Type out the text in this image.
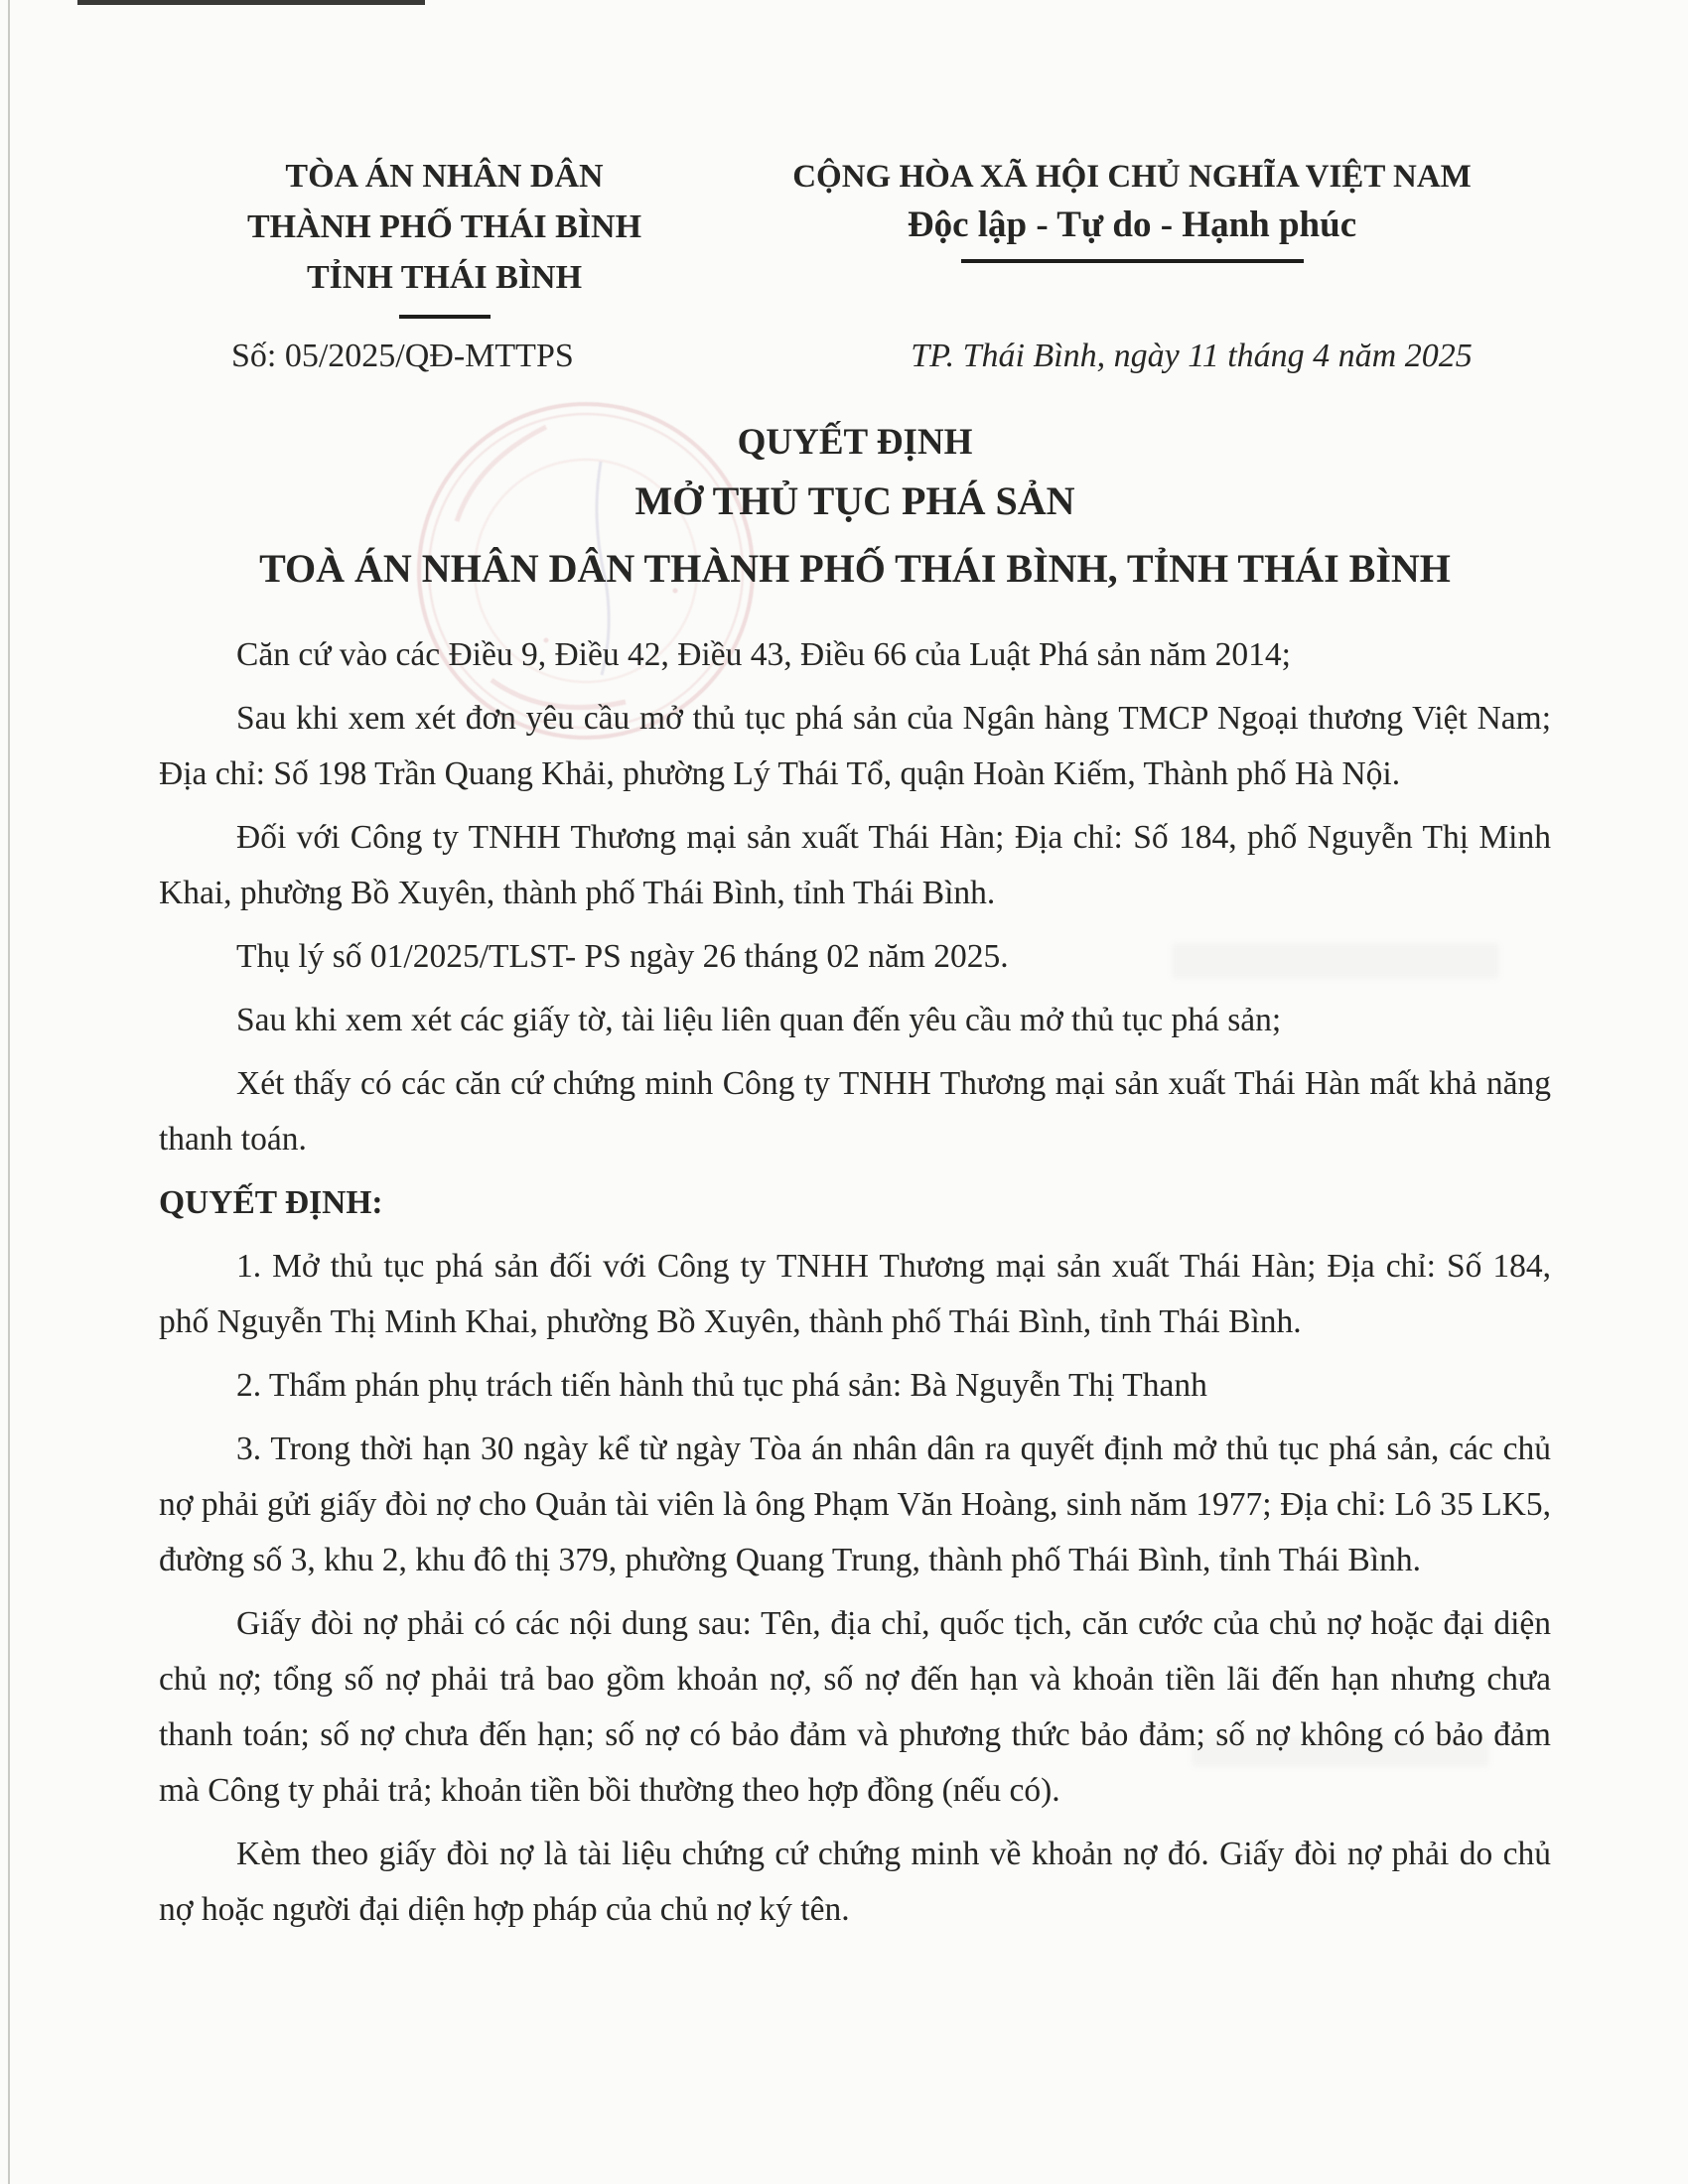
TÒA ÁN NHÂN DÂN
THÀNH PHỐ THÁI BÌNH
TỈNH THÁI BÌNH
Số: 05/2025/QĐ-MTTPS
CỘNG HÒA XÃ HỘI CHỦ NGHĨA VIỆT NAM
Độc lập - Tự do - Hạnh phúc
TP. Thái Bình, ngày 11 tháng 4 năm 2025
QUYẾT ĐỊNH
MỞ THỦ TỤC PHÁ SẢN
TOÀ ÁN NHÂN DÂN THÀNH PHỐ THÁI BÌNH, TỈNH THÁI BÌNH

Căn cứ vào các Điều 9, Điều 42, Điều 43, Điều 66 của Luật Phá sản năm 2014;

Sau khi xem xét đơn yêu cầu mở thủ tục phá sản của Ngân hàng TMCP Ngoại thương Việt Nam; Địa chỉ: Số 198 Trần Quang Khải, phường Lý Thái Tổ, quận Hoàn Kiếm, Thành phố Hà Nội.

Đối với Công ty TNHH Thương mại sản xuất Thái Hàn; Địa chỉ: Số 184, phố Nguyễn Thị Minh Khai, phường Bồ Xuyên, thành phố Thái Bình, tỉnh Thái Bình.

Thụ lý số 01/2025/TLST- PS ngày 26 tháng 02 năm 2025.

Sau khi xem xét các giấy tờ, tài liệu liên quan đến yêu cầu mở thủ tục phá sản;

Xét thấy có các căn cứ chứng minh Công ty TNHH Thương mại sản xuất Thái Hàn mất khả năng thanh toán.

QUYẾT ĐỊNH:

1. Mở thủ tục phá sản đối với Công ty TNHH Thương mại sản xuất Thái Hàn; Địa chỉ: Số 184, phố Nguyễn Thị Minh Khai, phường Bồ Xuyên, thành phố Thái Bình, tỉnh Thái Bình.

2. Thẩm phán phụ trách tiến hành thủ tục phá sản: Bà Nguyễn Thị Thanh

3. Trong thời hạn 30 ngày kể từ ngày Tòa án nhân dân ra quyết định mở thủ tục phá sản, các chủ nợ phải gửi giấy đòi nợ cho Quản tài viên là ông Phạm Văn Hoàng, sinh năm 1977; Địa chỉ: Lô 35 LK5, đường số 3, khu 2, khu đô thị 379, phường Quang Trung, thành phố Thái Bình, tỉnh Thái Bình.

Giấy đòi nợ phải có các nội dung sau: Tên, địa chỉ, quốc tịch, căn cước của chủ nợ hoặc đại diện chủ nợ; tổng số nợ phải trả bao gồm khoản nợ, số nợ đến hạn và khoản tiền lãi đến hạn nhưng chưa thanh toán; số nợ chưa đến hạn; số nợ có bảo đảm và phương thức bảo đảm; số nợ không có bảo đảm mà Công ty phải trả; khoản tiền bồi thường theo hợp đồng (nếu có).

Kèm theo giấy đòi nợ là tài liệu chứng cứ chứng minh về khoản nợ đó. Giấy đòi nợ phải do chủ nợ hoặc người đại diện hợp pháp của chủ nợ ký tên.
